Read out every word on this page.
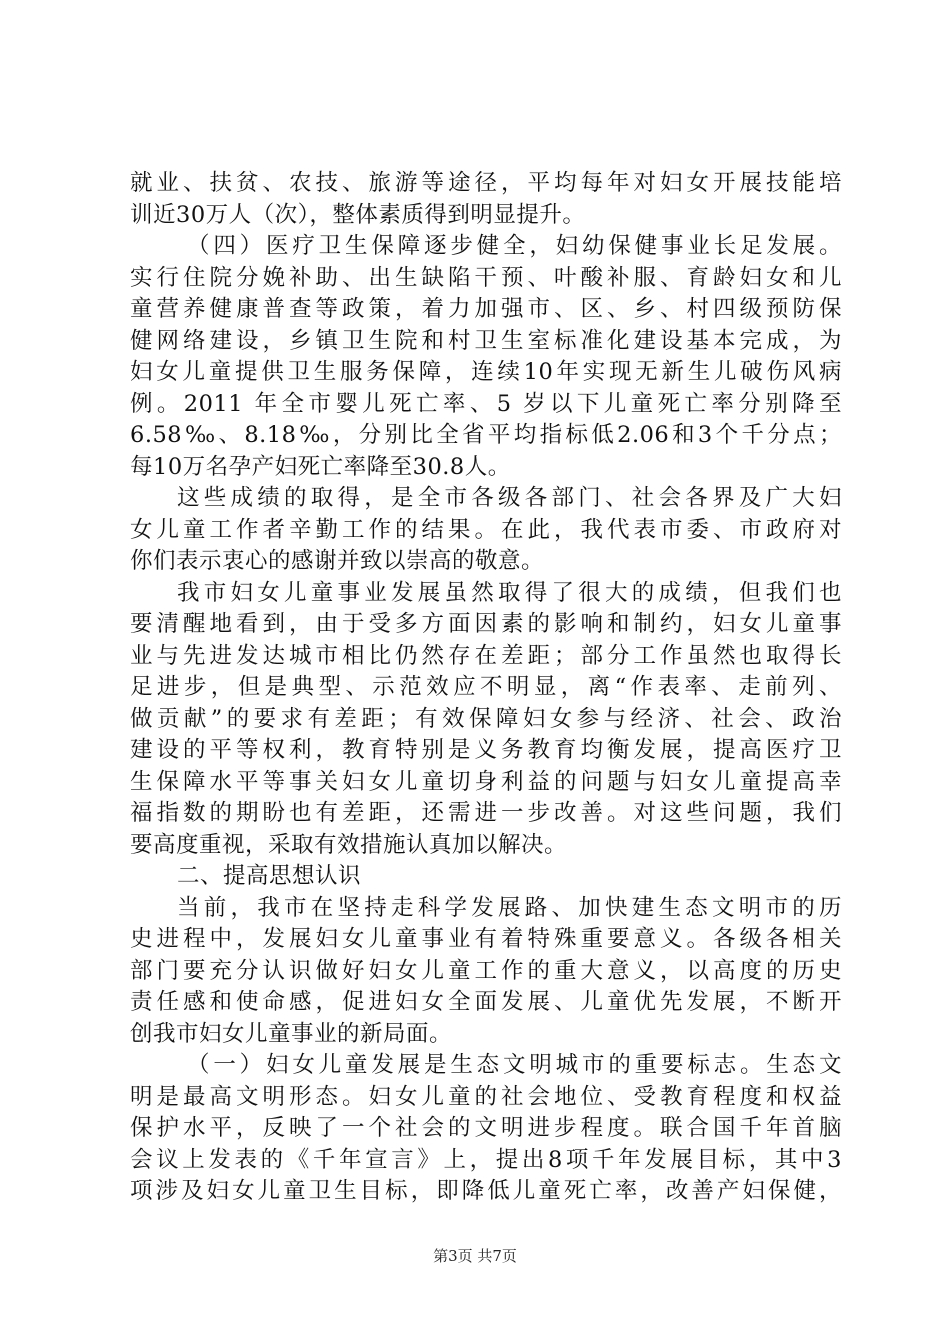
就业、扶贫、农技、旅游等途径，平均每年对妇女开展技能培
训近30万人（次），整体素质得到明显提升。
（四）医疗卫生保障逐步健全，妇幼保健事业长足发展。
实行住院分娩补助、出生缺陷干预、叶酸补服、育龄妇女和儿
童营养健康普查等政策，着力加强市、区、乡、村四级预防保
健网络建设，乡镇卫生院和村卫生室标准化建设基本完成，为
妇女儿童提供卫生服务保障，连续10年实现无新生儿破伤风病
例。2011 年全市婴儿死亡率、5 岁以下儿童死亡率分别降至
6.58‰、8.18‰，分别比全省平均指标低2.06和3个千分点；
每10万名孕产妇死亡率降至30.8人。
这些成绩的取得，是全市各级各部门、社会各界及广大妇
女儿童工作者辛勤工作的结果。在此，我代表市委、市政府对
你们表示衷心的感谢并致以崇高的敬意。
我市妇女儿童事业发展虽然取得了很大的成绩，但我们也
要清醒地看到，由于受多方面因素的影响和制约，妇女儿童事
业与先进发达城市相比仍然存在差距；部分工作虽然也取得长
足进步，但是典型、示范效应不明显，离“作表率、走前列、
做贡献”的要求有差距；有效保障妇女参与经济、社会、政治
建设的平等权利，教育特别是义务教育均衡发展，提高医疗卫
生保障水平等事关妇女儿童切身利益的问题与妇女儿童提高幸
福指数的期盼也有差距，还需进一步改善。对这些问题，我们
要高度重视，采取有效措施认真加以解决。
二、提高思想认识
当前，我市在坚持走科学发展路、加快建生态文明市的历
史进程中，发展妇女儿童事业有着特殊重要意义。各级各相关
部门要充分认识做好妇女儿童工作的重大意义，以高度的历史
责任感和使命感，促进妇女全面发展、儿童优先发展，不断开
创我市妇女儿童事业的新局面。
（一）妇女儿童发展是生态文明城市的重要标志。生态文
明是最高文明形态。妇女儿童的社会地位、受教育程度和权益
保护水平，反映了一个社会的文明进步程度。联合国千年首脑
会议上发表的《千年宣言》上，提出8项千年发展目标，其中3
项涉及妇女儿童卫生目标，即降低儿童死亡率，改善产妇保健，
第3页 共7页
